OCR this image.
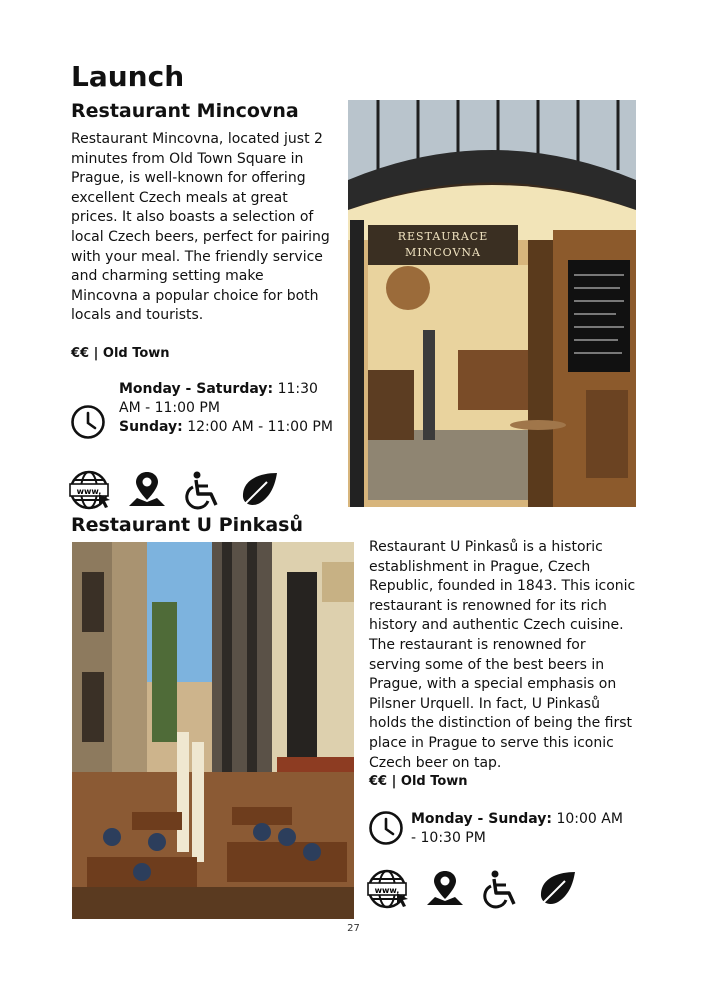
Launch
Restaurant Mincovna

Restaurant Mincovna, located just 2 minutes from Old Town Square in Prague, is well-known for offering excellent Czech meals at great prices. It also boasts a selection of local Czech beers, perfect for pairing with your meal. The friendly service and charming setting make Mincovna a popular choice for both locals and tourists.

€€ | Old Town

Monday - Saturday: 11:30 AM - 11:00 PM
Sunday: 12:00 AM - 11:00 PM
www.
RESTAURACE
MINCOVNA
Restaurant U Pinkasů

Restaurant U Pinkasů is a historic establishment in Prague, Czech Republic, founded in 1843. This iconic restaurant is renowned for its rich history and authentic Czech cuisine. The restaurant is renowned for serving some of the best beers in Prague, with a special emphasis on Pilsner Urquell. In fact, U Pinkasů holds the distinction of being the first place in Prague to serve this iconic Czech beer on tap.

€€ | Old Town

Monday - Sunday: 10:00 AM - 10:30 PM
www.
27
